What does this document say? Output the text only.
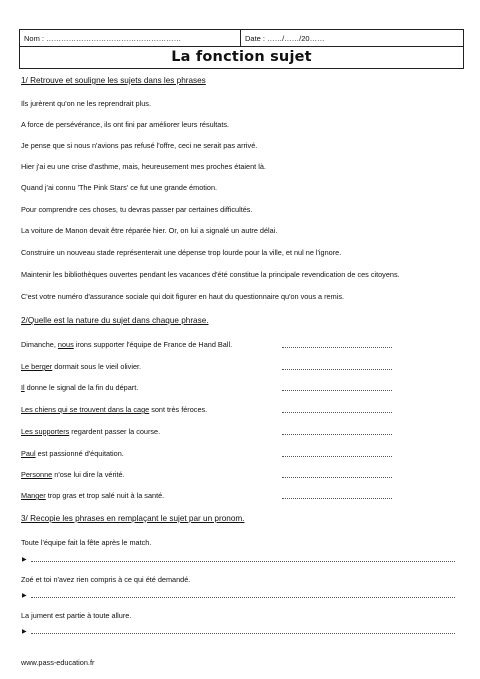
Nom : ………………………………………………	Date : ……/……/20……
La fonction sujet
1/ Retrouve et souligne les sujets dans les phrases
Ils jurèrent qu'on ne les reprendrait plus.
A force de persévérance, ils ont fini par améliorer leurs résultats.
Je pense que si nous n'avions pas refusé l'offre, ceci ne serait pas arrivé.
Hier j'ai eu une crise d'asthme, mais, heureusement mes proches étaient là.
Quand j'ai connu 'The Pink Stars' ce fut une grande émotion.
Pour comprendre ces choses, tu devras passer par certaines difficultés.
La voiture de Manon devait être réparée hier. Or, on lui a signalé un autre délai.
Construire un nouveau stade représenterait une dépense trop lourde pour la ville, et nul ne l'ignore.
Maintenir les bibliothèques ouvertes pendant les vacances d'été constitue la principale revendication de ces citoyens.
C'est votre numéro d'assurance sociale qui doit figurer en haut du questionnaire qu'on vous a remis.
2/Quelle est la nature du sujet dans chaque phrase.
Dimanche, nous irons supporter l'équipe de France de Hand Ball.
Le berger dormait sous le vieil olivier.
Il donne le signal de la fin du départ.
Les chiens qui se trouvent dans la cage sont très féroces.
Les supporters regardent passer la course.
Paul est passionné d'équitation.
Personne n'ose lui dire la vérité.
Manger trop gras et trop salé nuit à la santé.
3/ Recopie les phrases en remplaçant le sujet par un pronom.
Toute l'équipe fait la fête après le match.
▶
Zoé et toi n'avez rien compris à ce qui été demandé.
▶
La jument est partie à toute allure.
▶
www.pass-education.fr
